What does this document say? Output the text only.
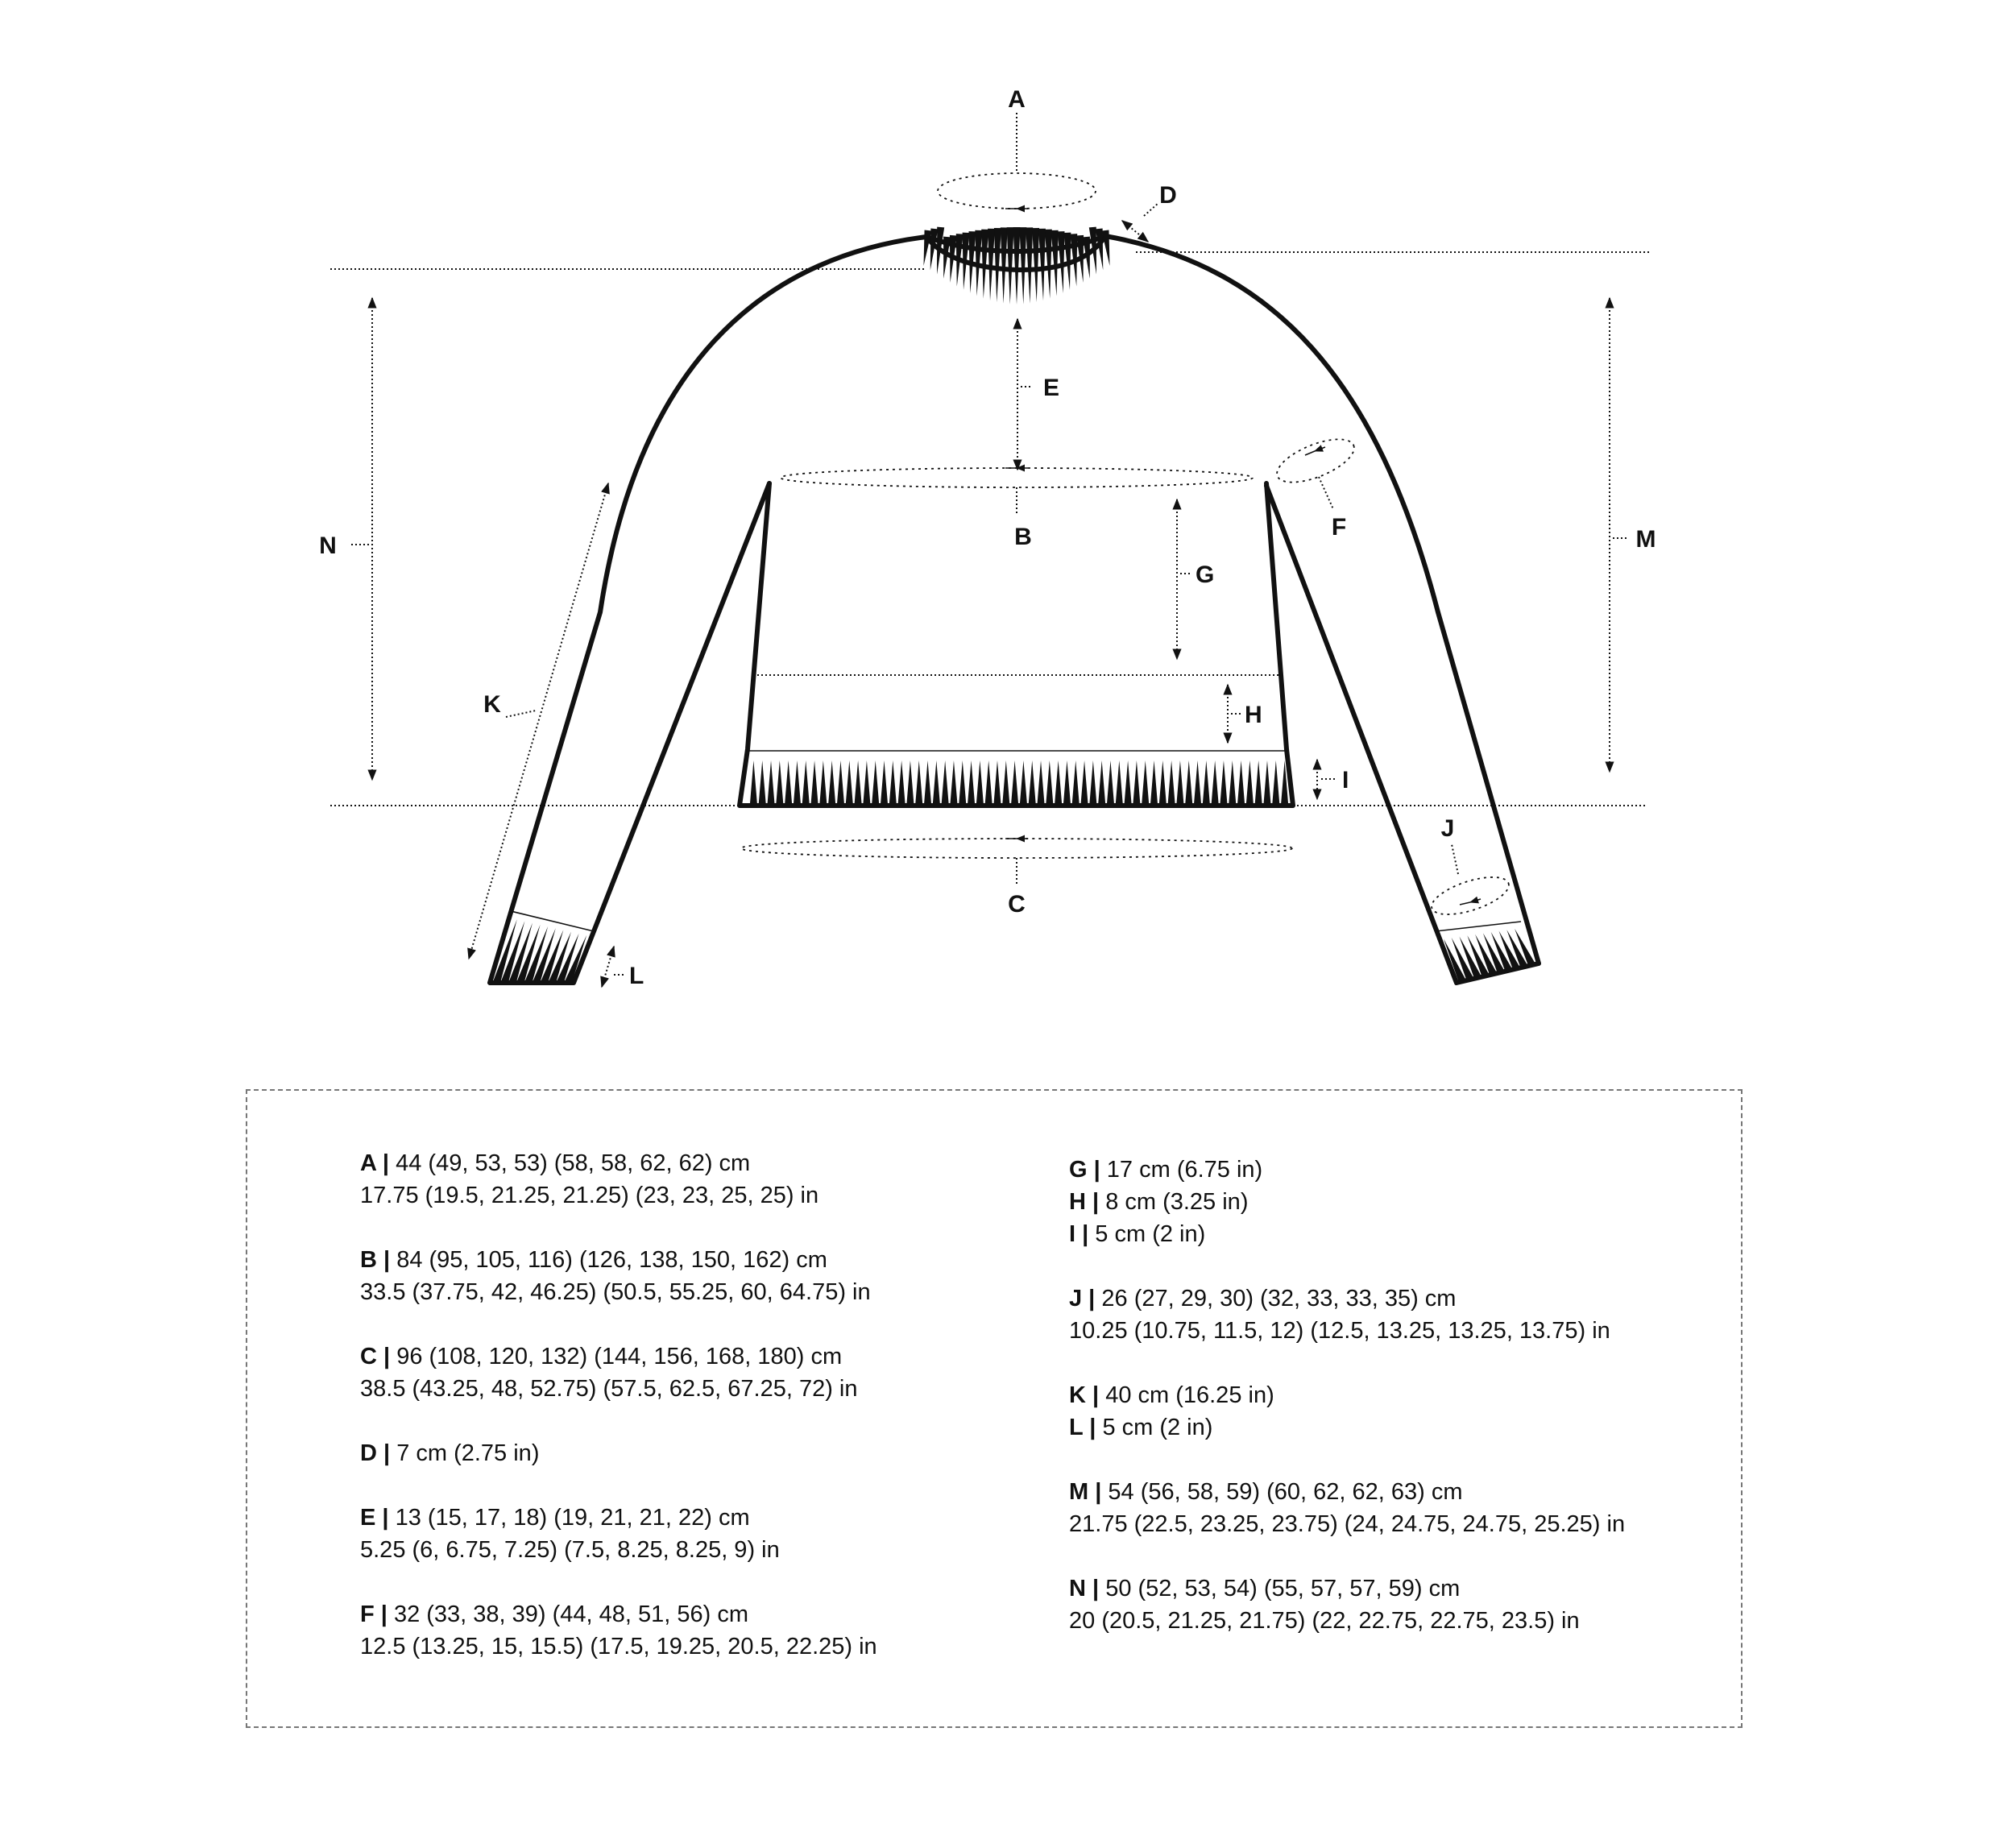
A
D
E
B	F
G
H
I
C
J
K
L
N	M
A | 44 (49, 53, 53) (58, 58, 62, 62) cm
17.75 (19.5, 21.25, 21.25) (23, 23, 25, 25) in
B | 84 (95, 105, 116) (126, 138, 150, 162) cm
33.5 (37.75, 42, 46.25) (50.5, 55.25, 60, 64.75) in
C | 96 (108, 120, 132) (144, 156, 168, 180) cm
38.5 (43.25, 48, 52.75) (57.5, 62.5, 67.25, 72) in
D | 7 cm (2.75 in)
E | 13 (15, 17, 18) (19, 21, 21, 22) cm
5.25 (6, 6.75, 7.25) (7.5, 8.25, 8.25, 9) in
F | 32 (33, 38, 39) (44, 48, 51, 56) cm
12.5 (13.25, 15, 15.5) (17.5, 19.25, 20.5, 22.25) in
G | 17 cm (6.75 in)
H | 8 cm (3.25 in)
I | 5 cm (2 in)
J | 26 (27, 29, 30) (32, 33, 33, 35) cm
10.25 (10.75, 11.5, 12) (12.5, 13.25, 13.25, 13.75) in
K | 40 cm (16.25 in)
L | 5 cm (2 in)
M | 54 (56, 58, 59) (60, 62, 62, 63) cm
21.75 (22.5, 23.25, 23.75) (24, 24.75, 24.75, 25.25) in
N | 50 (52, 53, 54) (55, 57, 57, 59) cm
20 (20.5, 21.25, 21.75) (22, 22.75, 22.75, 23.5) in
